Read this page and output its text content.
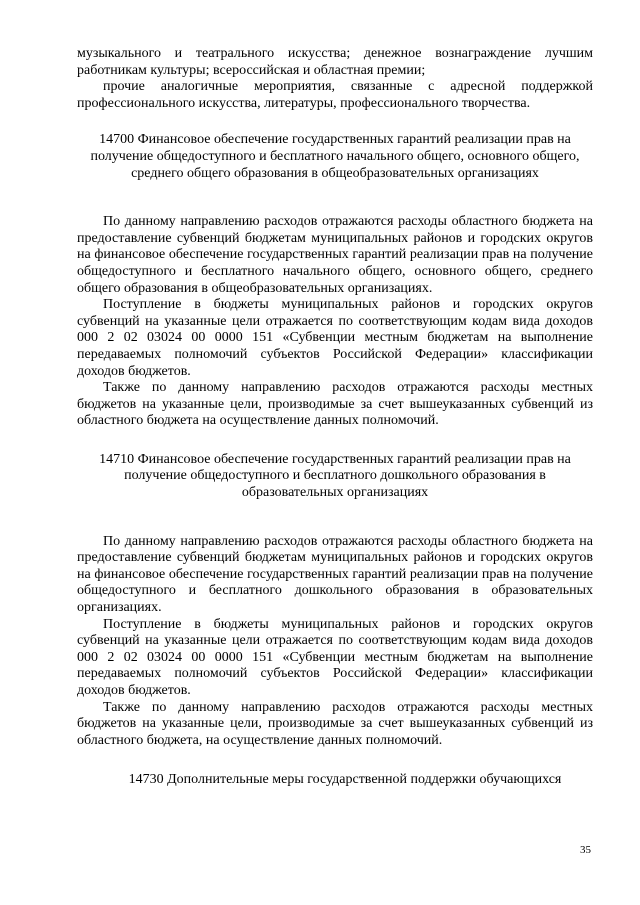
музыкального и театрального искусства; денежное вознаграждение лучшим работникам культуры; всероссийская и областная премии;

прочие аналогичные мероприятия, связанные с адресной поддержкой профессионального искусства, литературы, профессионального творчества.

14700 Финансовое обеспечение государственных гарантий реализации прав на получение общедоступного и бесплатного начального общего, основного общего, среднего общего образования в общеобразовательных организациях

По данному направлению расходов отражаются расходы областного бюджета на предоставление субвенций бюджетам муниципальных районов и городских округов на финансовое обеспечение государственных гарантий реализации прав на получение общедоступного и бесплатного начального общего, основного общего, среднего общего образования в общеобразовательных организациях.

Поступление в бюджеты муниципальных районов и городских округов субвенций на указанные цели отражается по соответствующим кодам вида доходов 000 2 02 03024 00 0000 151 «Субвенции местным бюджетам на выполнение передаваемых полномочий субъектов Российской Федерации» классификации доходов бюджетов.

Также по данному направлению расходов отражаются расходы местных бюджетов на указанные цели, производимые за счет вышеуказанных субвенций из областного бюджета на осуществление данных полномочий.

14710 Финансовое обеспечение государственных гарантий реализации прав на получение общедоступного и бесплатного дошкольного образования в образовательных организациях

По данному направлению расходов отражаются расходы областного бюджета на предоставление субвенций бюджетам муниципальных районов и городских округов на финансовое обеспечение государственных гарантий реализации прав на получение общедоступного и бесплатного дошкольного образования в образовательных организациях.

Поступление в бюджеты муниципальных районов и городских округов субвенций на указанные цели отражается по соответствующим кодам вида доходов 000 2 02 03024 00 0000 151 «Субвенции местным бюджетам на выполнение передаваемых полномочий субъектов Российской Федерации» классификации доходов бюджетов.

Также по данному направлению расходов отражаются расходы местных бюджетов на указанные цели, производимые за счет вышеуказанных субвенций из областного бюджета, на осуществление данных полномочий.

14730 Дополнительные меры государственной поддержки обучающихся
35
